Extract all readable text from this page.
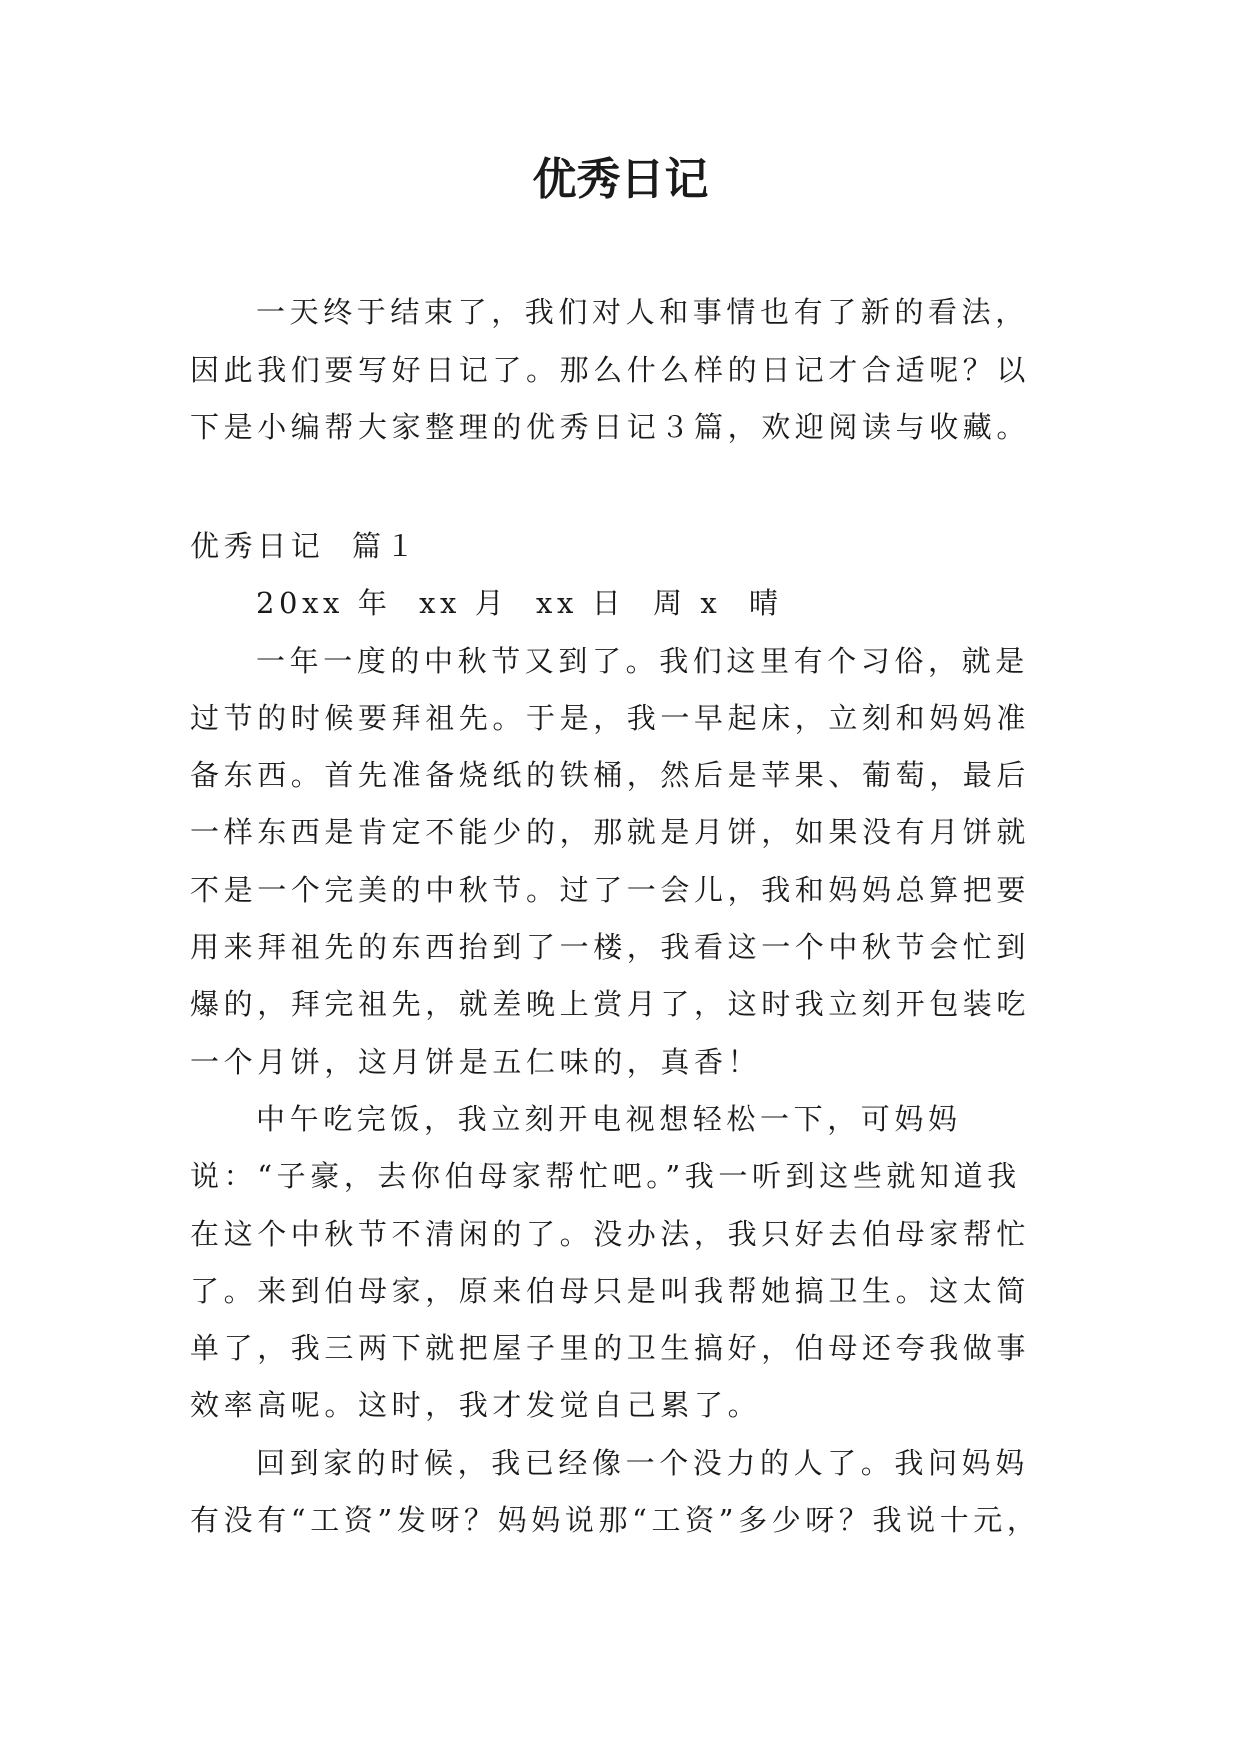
优秀日记

一天终于结束了，我们对人和事情也有了新的看法，因此我们要写好日记了。那么什么样的日记才合适呢？以下是小编帮大家整理的优秀日记３篇，欢迎阅读与收藏。

优秀日记  篇１
20xx 年  xx 月  xx 日  周 x  晴

一年一度的中秋节又到了。我们这里有个习俗，就是过节的时候要拜祖先。于是，我一早起床，立刻和妈妈准备东西。首先准备烧纸的铁桶，然后是苹果、葡萄，最后一样东西是肯定不能少的，那就是月饼，如果没有月饼就不是一个完美的中秋节。过了一会儿，我和妈妈总算把要用来拜祖先的东西抬到了一楼，我看这一个中秋节会忙到爆的，拜完祖先，就差晚上赏月了，这时我立刻开包装吃一个月饼，这月饼是五仁味的，真香！

中午吃完饭，我立刻开电视想轻松一下，可妈妈说：“子豪，去你伯母家帮忙吧。”我一听到这些就知道我在这个中秋节不清闲的了。没办法，我只好去伯母家帮忙了。来到伯母家，原来伯母只是叫我帮她搞卫生。这太简单了，我三两下就把屋子里的卫生搞好，伯母还夸我做事效率高呢。这时，我才发觉自己累了。

回到家的时候，我已经像一个没力的人了。我问妈妈有没有“工资”发呀？妈妈说那“工资”多少呀？我说十元，
